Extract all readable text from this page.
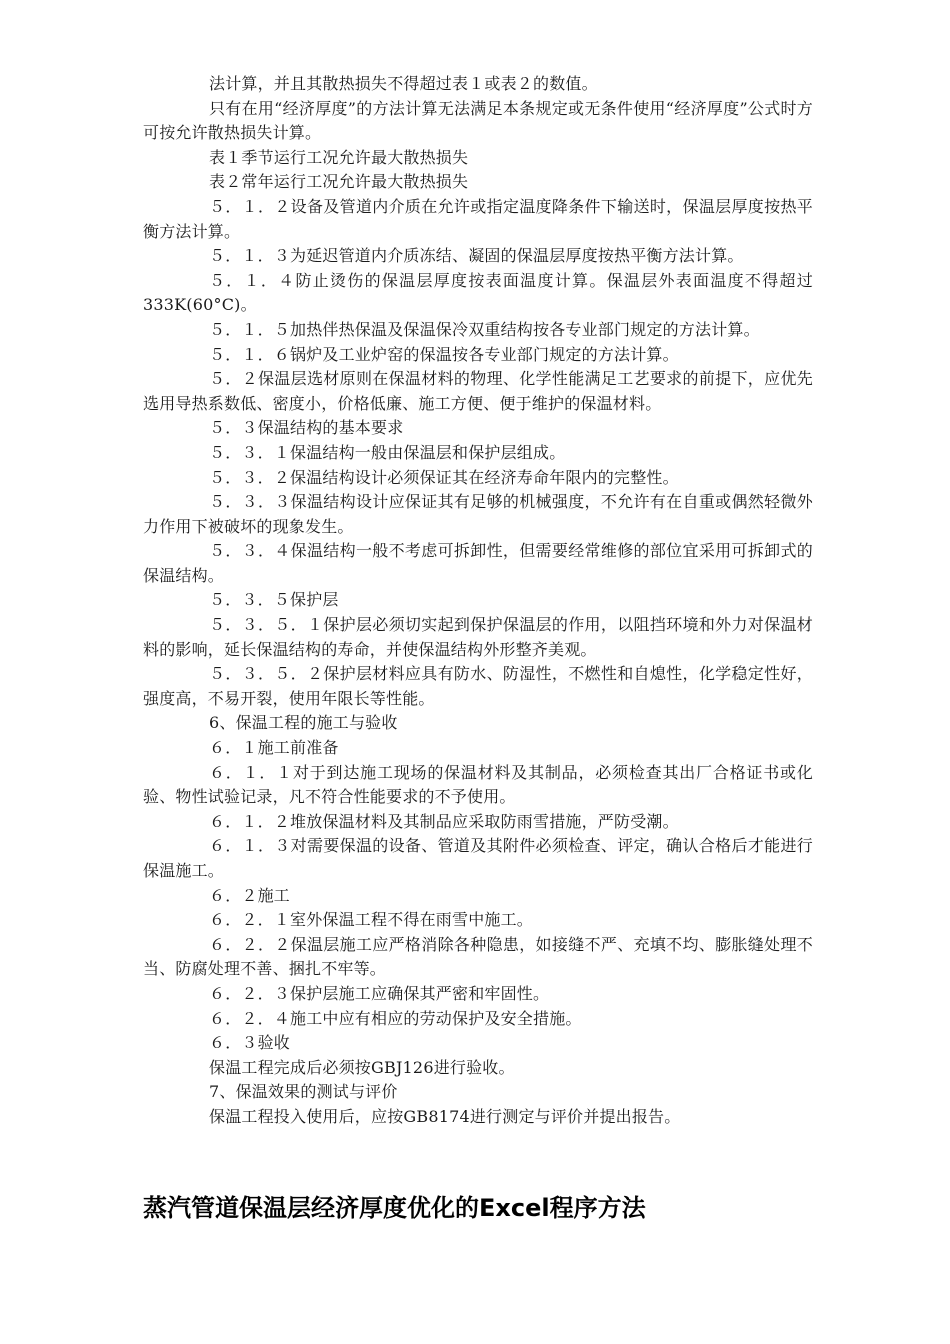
法计算，并且其散热损失不得超过表１或表２的数值。

只有在用“经济厚度”的方法计算无法满足本条规定或无条件使用“经济厚度”公式时方可按允许散热损失计算。

表１季节运行工况允许最大散热损失

表２常年运行工况允许最大散热损失

５．１．２设备及管道内介质在允许或指定温度降条件下输送时，保温层厚度按热平衡方法计算。

５．１．３为延迟管道内介质冻结、凝固的保温层厚度按热平衡方法计算。

５．１．４防止烫伤的保温层厚度按表面温度计算。保温层外表面温度不得超过333K(60°C)。

５．１．５加热伴热保温及保温保冷双重结构按各专业部门规定的方法计算。

５．１．６锅炉及工业炉窑的保温按各专业部门规定的方法计算。

５．２保温层选材原则在保温材料的物理、化学性能满足工艺要求的前提下，应优先选用导热系数低、密度小，价格低廉、施工方便、便于维护的保温材料。

５．３保温结构的基本要求

５．３．１保温结构一般由保温层和保护层组成。

５．３．２保温结构设计必须保证其在经济寿命年限内的完整性。

５．３．３保温结构设计应保证其有足够的机械强度，不允许有在自重或偶然轻微外力作用下被破坏的现象发生。

５．３．４保温结构一般不考虑可拆卸性，但需要经常维修的部位宜采用可拆卸式的保温结构。

５．３．５保护层

５．３．５．１保护层必须切实起到保护保温层的作用，以阻挡环境和外力对保温材料的影响，延长保温结构的寿命，并使保温结构外形整齐美观。

５．３．５．２保护层材料应具有防水、防湿性，不燃性和自熄性，化学稳定性好，强度高，不易开裂，使用年限长等性能。

6、保温工程的施工与验收

６．１施工前准备

６．１．１对于到达施工现场的保温材料及其制品，必须检查其出厂合格证书或化验、物性试验记录，凡不符合性能要求的不予使用。

６．１．２堆放保温材料及其制品应采取防雨雪措施，严防受潮。

６．１．３对需要保温的设备、管道及其附件必须检查、评定，确认合格后才能进行保温施工。

６．２施工

６．２．１室外保温工程不得在雨雪中施工。

６．２．２保温层施工应严格消除各种隐患，如接缝不严、充填不均、膨胀缝处理不当、防腐处理不善、捆扎不牢等。

６．２．３保护层施工应确保其严密和牢固性。

６．２．４施工中应有相应的劳动保护及安全措施。

６．３验收

保温工程完成后必须按GBJ126进行验收。

7、保温效果的测试与评价

保温工程投入使用后，应按GB8174进行测定与评价并提出报告。

蒸汽管道保温层经济厚度优化的Excel程序方法
